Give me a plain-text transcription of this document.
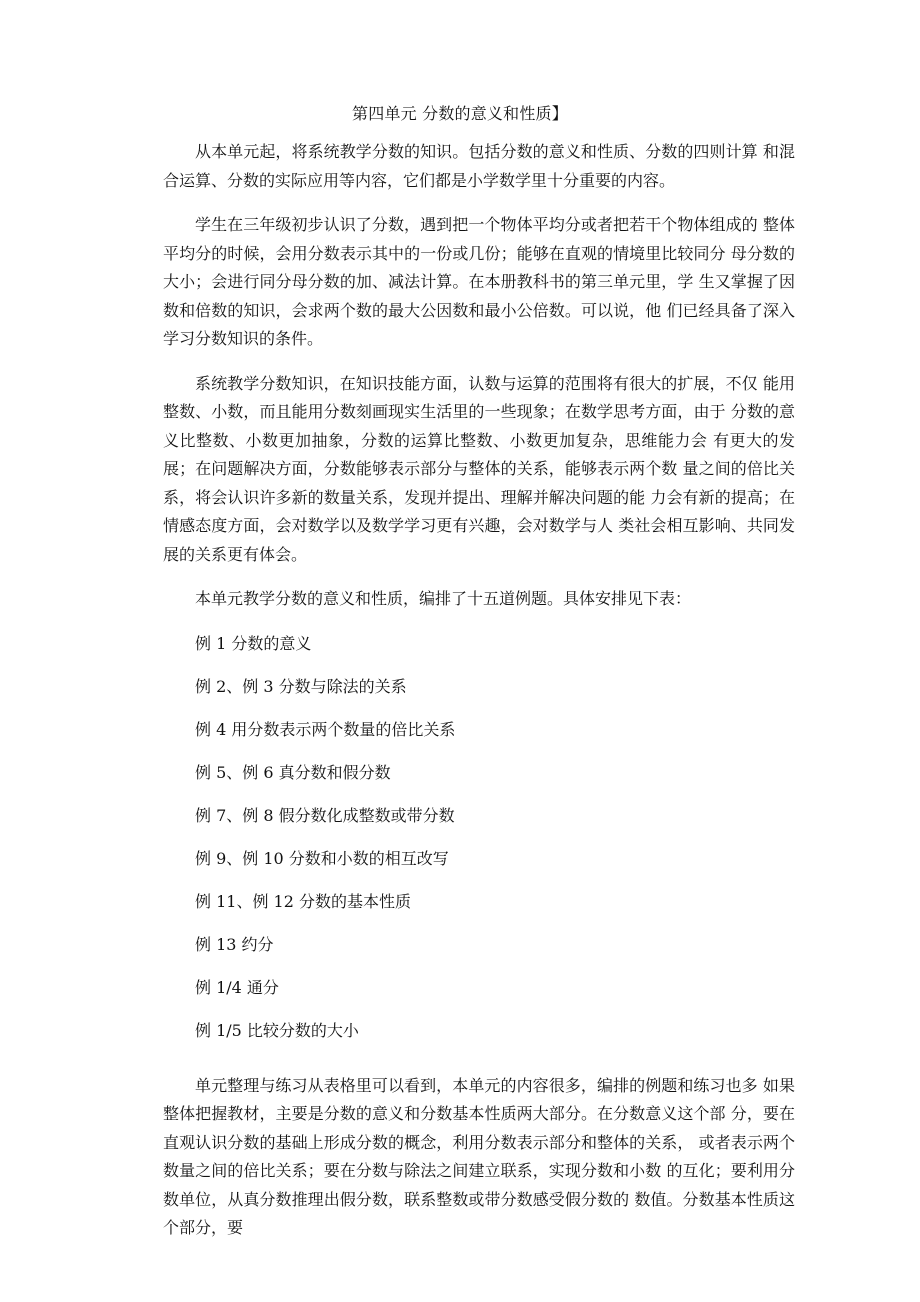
第四单元 分数的意义和性质】

从本单元起，将系统教学分数的知识。包括分数的意义和性质、分数的四则计算 和混合运算、分数的实际应用等内容，它们都是小学数学里十分重要的内容。

学生在三年级初步认识了分数，遇到把一个物体平均分或者把若干个物体组成的 整体平均分的时候，会用分数表示其中的一份或几份；能够在直观的情境里比较同分 母分数的大小；会进行同分母分数的加、减法计算。在本册教科书的第三单元里，学 生又掌握了因数和倍数的知识，会求两个数的最大公因数和最小公倍数。可以说，他 们已经具备了深入学习分数知识的条件。

系统教学分数知识，在知识技能方面，认数与运算的范围将有很大的扩展，不仅 能用整数、小数，而且能用分数刻画现实生活里的一些现象；在数学思考方面，由于 分数的意义比整数、小数更加抽象，分数的运算比整数、小数更加复杂，思维能力会 有更大的发展；在问题解决方面，分数能够表示部分与整体的关系，能够表示两个数 量之间的倍比关系，将会认识许多新的数量关系，发现并提出、理解并解决问题的能 力会有新的提高；在情感态度方面，会对数学以及数学学习更有兴趣，会对数学与人 类社会相互影响、共同发展的关系更有体会。

本单元教学分数的意义和性质，编排了十五道例题。具体安排见下表：

例 1 分数的意义
例 2、例 3 分数与除法的关系
例 4 用分数表示两个数量的倍比关系
例 5、例 6 真分数和假分数
例 7、例 8 假分数化成整数或带分数
例 9、例 10 分数和小数的相互改写
例 11、例 12 分数的基本性质
例 13 约分
例 1/4 通分
例 1/5 比较分数的大小

单元整理与练习从表格里可以看到，本单元的内容很多，编排的例题和练习也多 如果整体把握教材，主要是分数的意义和分数基本性质两大部分。在分数意义这个部 分，要在直观认识分数的基础上形成分数的概念，利用分数表示部分和整体的关系， 或者表示两个数量之间的倍比关系；要在分数与除法之间建立联系，实现分数和小数 的互化；要利用分数单位，从真分数推理出假分数，联系整数或带分数感受假分数的 数值。分数基本性质这个部分，要
